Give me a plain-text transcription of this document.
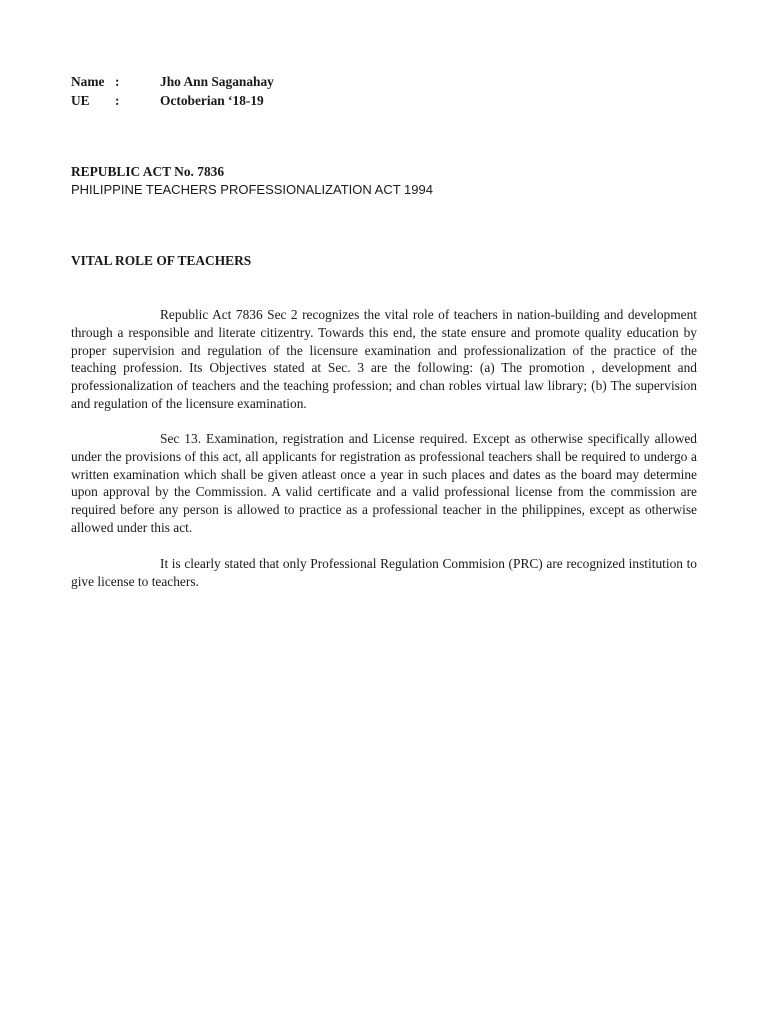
Name :	Jho Ann Saganahay
UE	:	Octoberian ‘18-19
REPUBLIC ACT No. 7836
PHILIPPINE TEACHERS PROFESSIONALIZATION ACT 1994
VITAL ROLE OF TEACHERS
Republic Act 7836 Sec 2 recognizes the vital role of teachers in nation-building and development through a responsible and literate citizentry. Towards this end, the state ensure and promote quality education by proper supervision and regulation of the licensure examination and professionalization of the practice of the teaching profession. Its Objectives stated at Sec. 3 are the following: (a) The promotion , development and professionalization of teachers and the teaching profession; and chan robles virtual law library; (b) The supervision and regulation of the licensure examination.
Sec 13. Examination, registration and License required. Except as otherwise specifically allowed under the provisions of this act, all applicants for registration as professional teachers shall be required to undergo a written examination which shall be given atleast once a year in such places and dates as the board may determine upon approval by the Commission. A valid certificate and a valid professional license from the commission are required before any person is allowed to practice as a professional teacher in the philippines, except as otherwise allowed under this act.
It is clearly stated that only Professional Regulation Commision (PRC) are recognized institution to give license to teachers.
